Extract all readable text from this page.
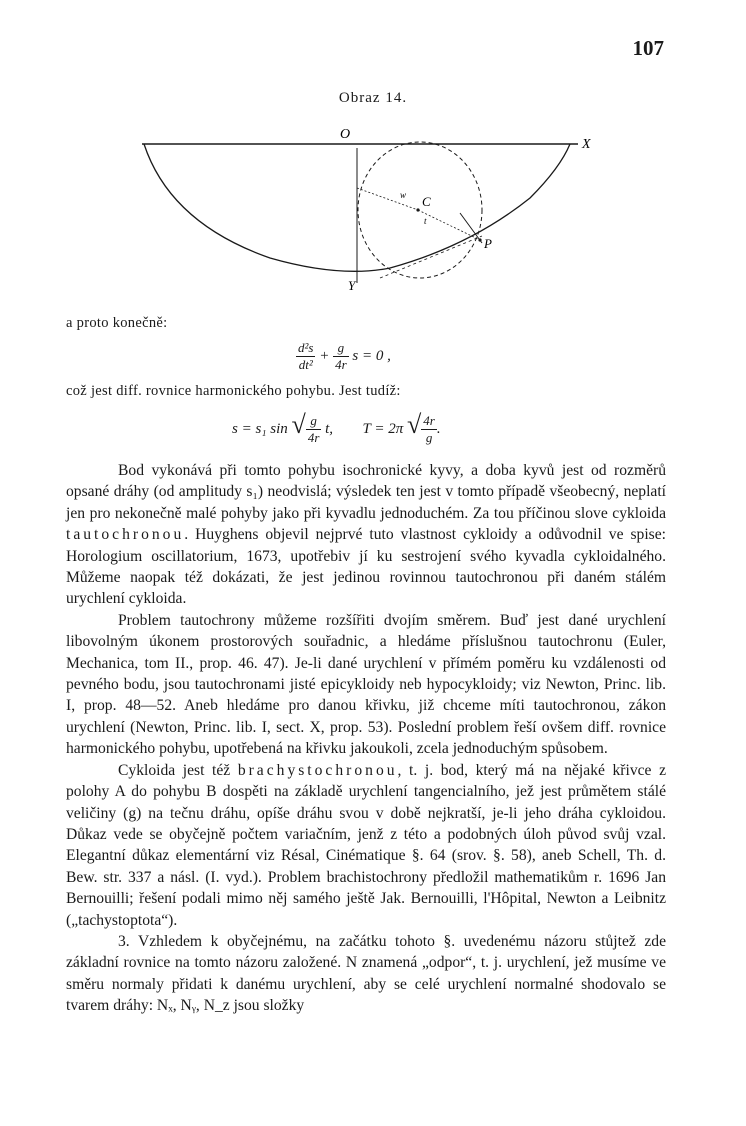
107
Obraz 14.
O
X
Y
C
P
w
t
a proto konečně:
$\frac{\text{d²s}}{\text{dt²}} + \frac{g}{4r}$ s = 0 ,
což jest diff. rovnice harmonického pohybu. Jest tudíž:
s = s₁ sin √ $\frac{g}{4r} t$, T = 2π √ $\frac{4r}{g}$ .

Bod vykonává při tomto pohybu isochronické kyvy, a doba kyvů jest od rozměrů opsané dráhy (od amplitudy s₁) neodvislá; výsledek ten jest v tomto případě všeobecný, neplatí jen pro nekonečně malé pohyby jako při kyvadlu jednoduchém. Za tou příčinou slove cykloida tautochronou. Huyghens objevil nejprvé tuto vlastnost cykloidy a odůvodnil ve spise: Horologium oscillatorium, 1673, upotřebiv jí ku sestrojení svého kyvadla cykloidalného. Můžeme naopak též dokázati, že jest jedinou rovinnou tautochronou při daném stálém urychlení cykloida.

Problem tautochrony můžeme rozšířiti dvojím směrem. Buď jest dané urychlení libovolným úkonem prostorových souřadnic, a hledáme příslušnou tautochronu (Euler, Mechanica, tom II., prop. 46. 47). Je-li dané urychlení v přímém poměru ku vzdálenosti od pevného bodu, jsou tautochronami jisté epicykloidy neb hypocykloidy; viz Newton, Princ. lib. I, prop. 48—52. Aneb hledáme pro danou křivku, již chceme míti tautochronou, zákon urychlení (Newton, Princ. lib. I, sect. X, prop. 53). Poslední problem řeší ovšem diff. rovnice harmonického pohybu, upotřebená na křivku jakoukoli, zcela jednoduchým spůsobem.

Cykloida jest též brachystochronou, t. j. bod, který má na nějaké křivce z polohy A do pohybu B dospěti na základě urychlení tangencialního, jež jest průmětem stálé veličiny (g) na tečnu dráhu, opíše dráhu svou v době nejkratší, je-li jeho dráha cykloidou. Důkaz vede se obyčejně počtem variačním, jenž z této a podobných úloh původ svůj vzal. Elegantní důkaz elementární viz Résal, Cinématique §. 64 (srov. §. 58), aneb Schell, Th. d. Bew. str. 337 a násl. (I. vyd.). Problem brachistochrony předložil mathematikům r. 1696 Jan Bernouilli; řešení podali mimo něj samého ještě Jak. Bernouilli, l'Hôpital, Newton a Leibnitz („tachystoptota“).

3. Vzhledem k obyčejnému, na začátku tohoto §. uvedenému názoru stůjtež zde základní rovnice na tomto názoru založené. N znamená „odpor“, t. j. urychlení, jež musíme ve směru normaly přidati k danému urychlení, aby se celé urychlení normalné shodovalo se tvarem dráhy: Nₓ, Nᵧ, N_z jsou složky
